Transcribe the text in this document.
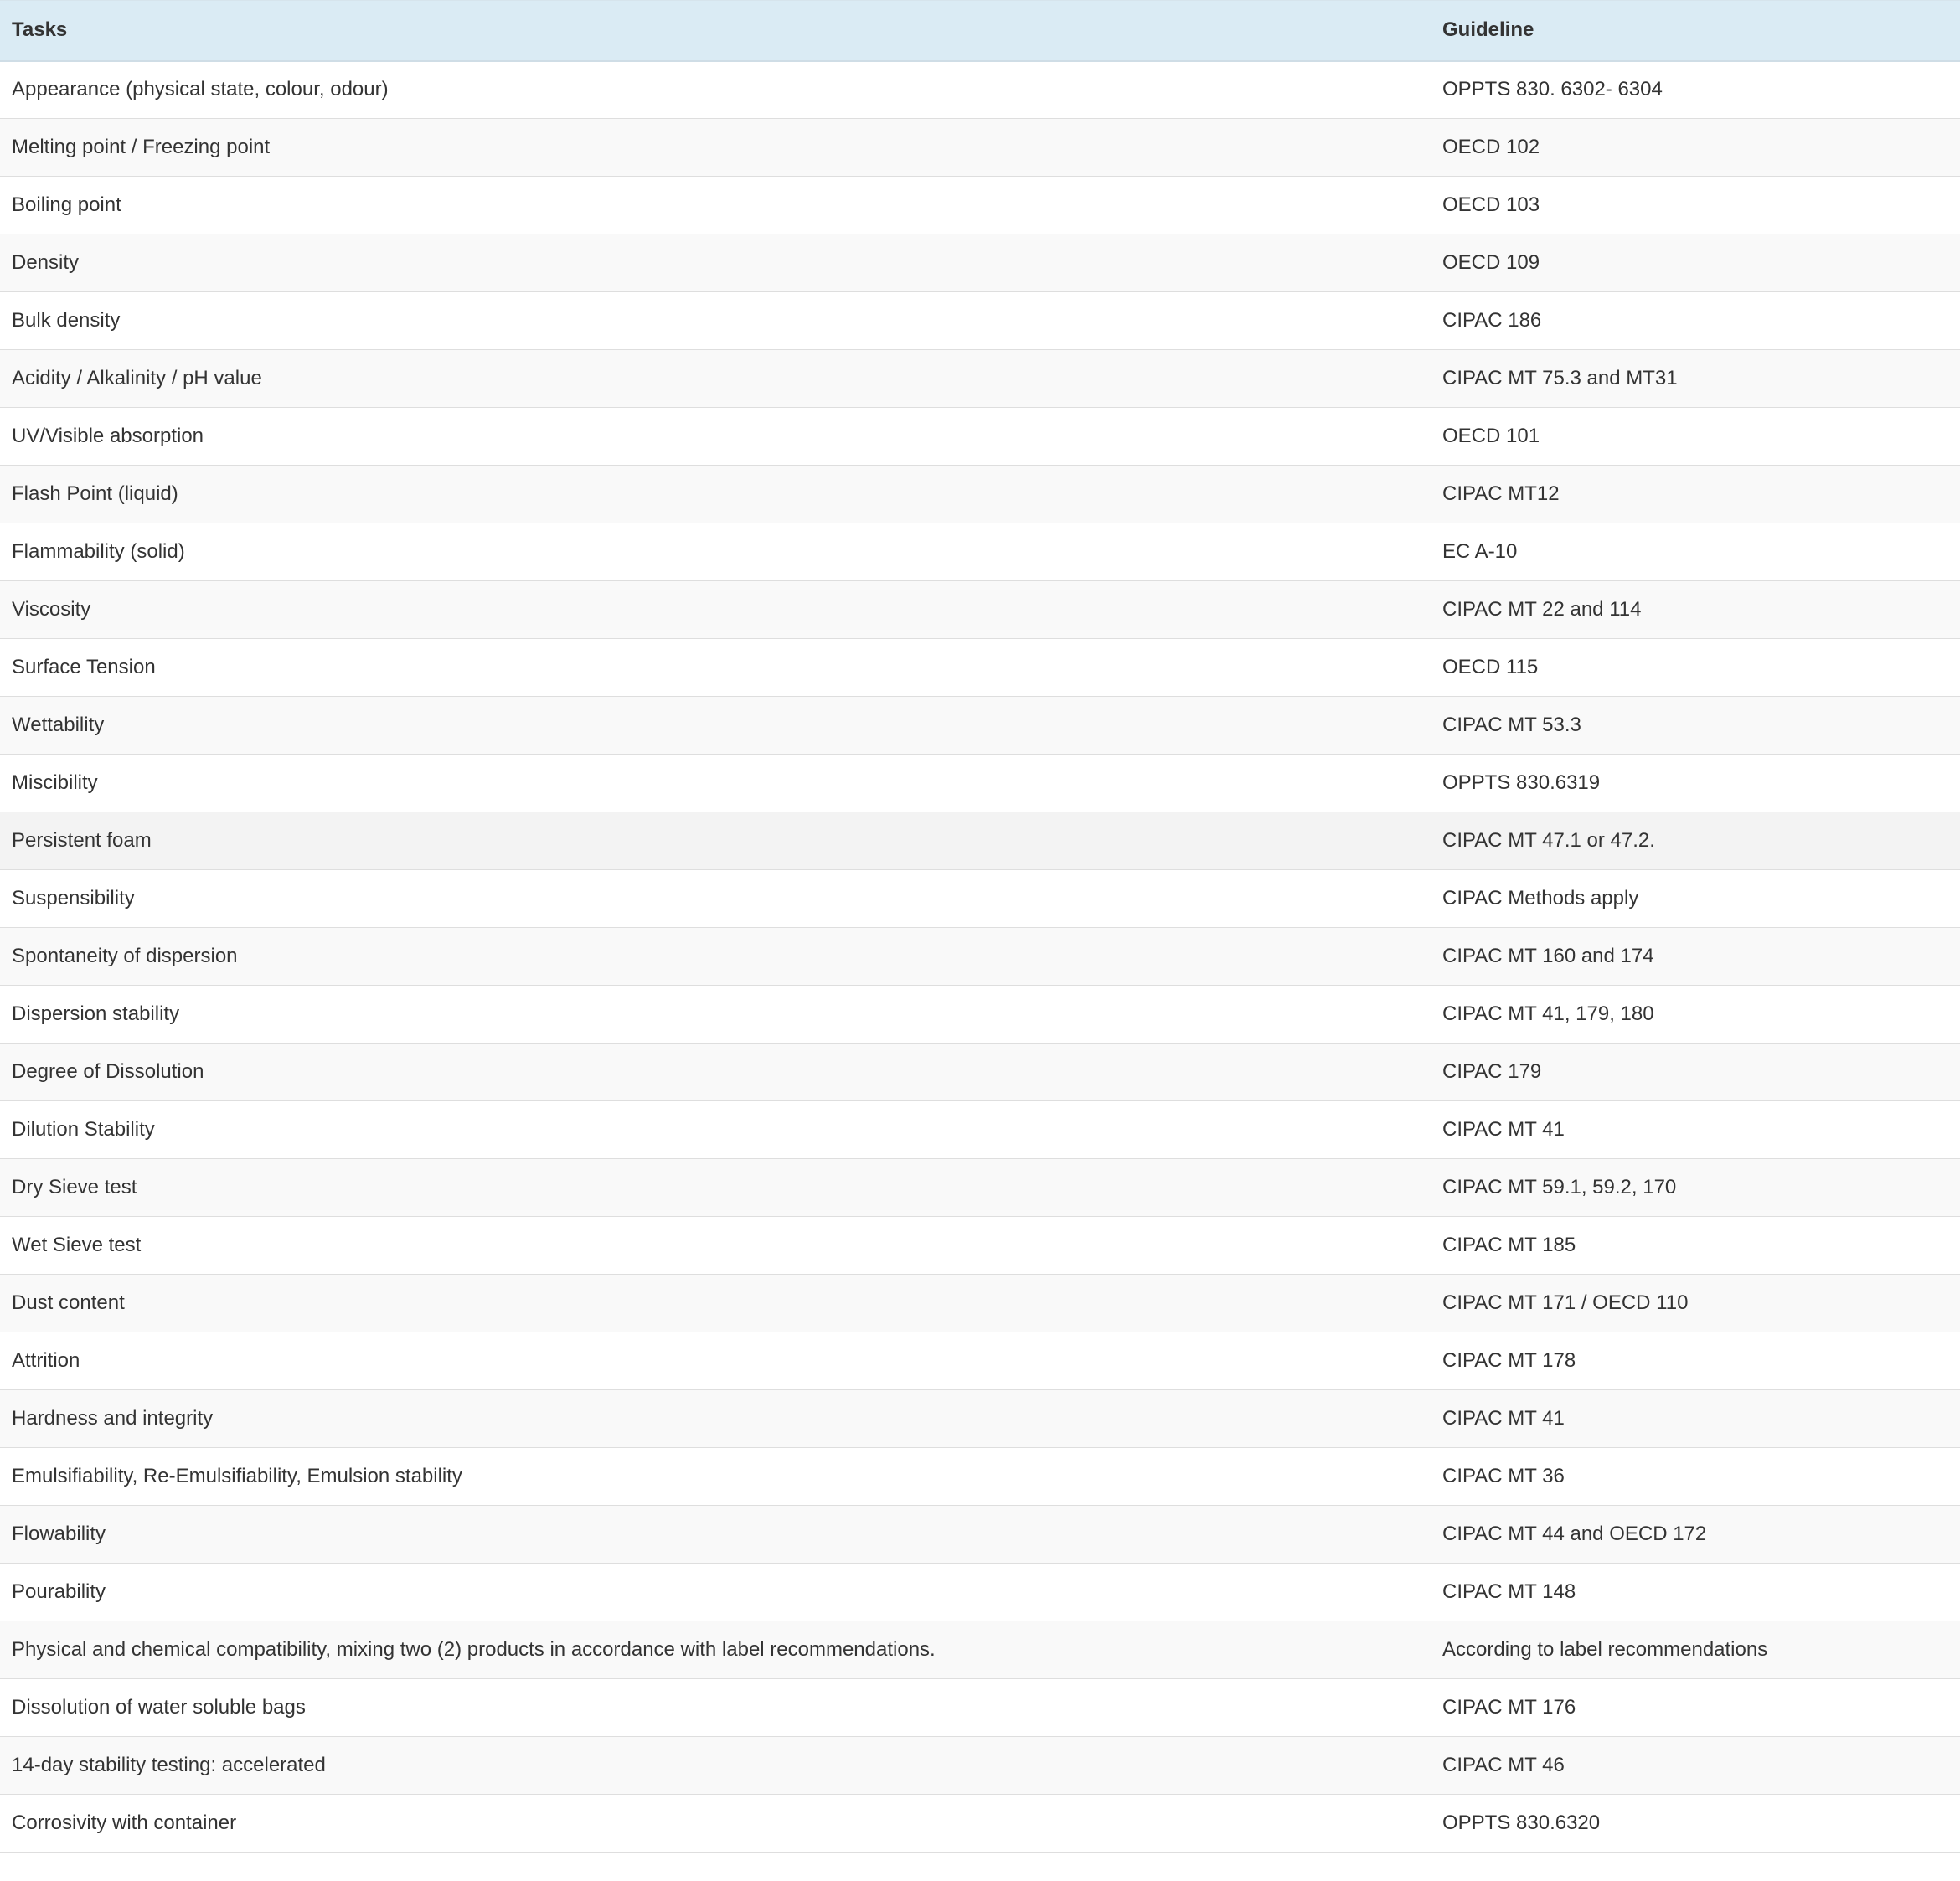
Tasks	Guideline
Appearance (physical state, colour, odour)	OPPTS 830. 6302- 6304
Melting point / Freezing point	OECD 102
Boiling point	OECD 103
Density	OECD 109
Bulk density	CIPAC 186
Acidity / Alkalinity / pH value	CIPAC MT 75.3 and MT31
UV/Visible absorption	OECD 101
Flash Point (liquid)	CIPAC MT12
Flammability (solid)	EC A-10
Viscosity	CIPAC MT 22 and 114
Surface Tension	OECD 115
Wettability	CIPAC MT 53.3
Miscibility	OPPTS 830.6319
Persistent foam	CIPAC MT 47.1 or 47.2.
Suspensibility	CIPAC Methods apply
Spontaneity of dispersion	CIPAC MT 160 and 174
Dispersion stability	CIPAC MT 41, 179, 180
Degree of Dissolution	CIPAC 179
Dilution Stability	CIPAC MT 41
Dry Sieve test	CIPAC MT 59.1, 59.2, 170
Wet Sieve test	CIPAC MT 185
Dust content	CIPAC MT 171 / OECD 110
Attrition	CIPAC MT 178
Hardness and integrity	CIPAC MT 41
Emulsifiability, Re-Emulsifiability, Emulsion stability	CIPAC MT 36
Flowability	CIPAC MT 44 and OECD 172
Pourability	CIPAC MT 148
Physical and chemical compatibility, mixing two (2) products in accordance with label recommendations.	According to label recommendations
Dissolution of water soluble bags	CIPAC MT 176
14-day stability testing: accelerated	CIPAC MT 46
Corrosivity with container	OPPTS 830.6320
